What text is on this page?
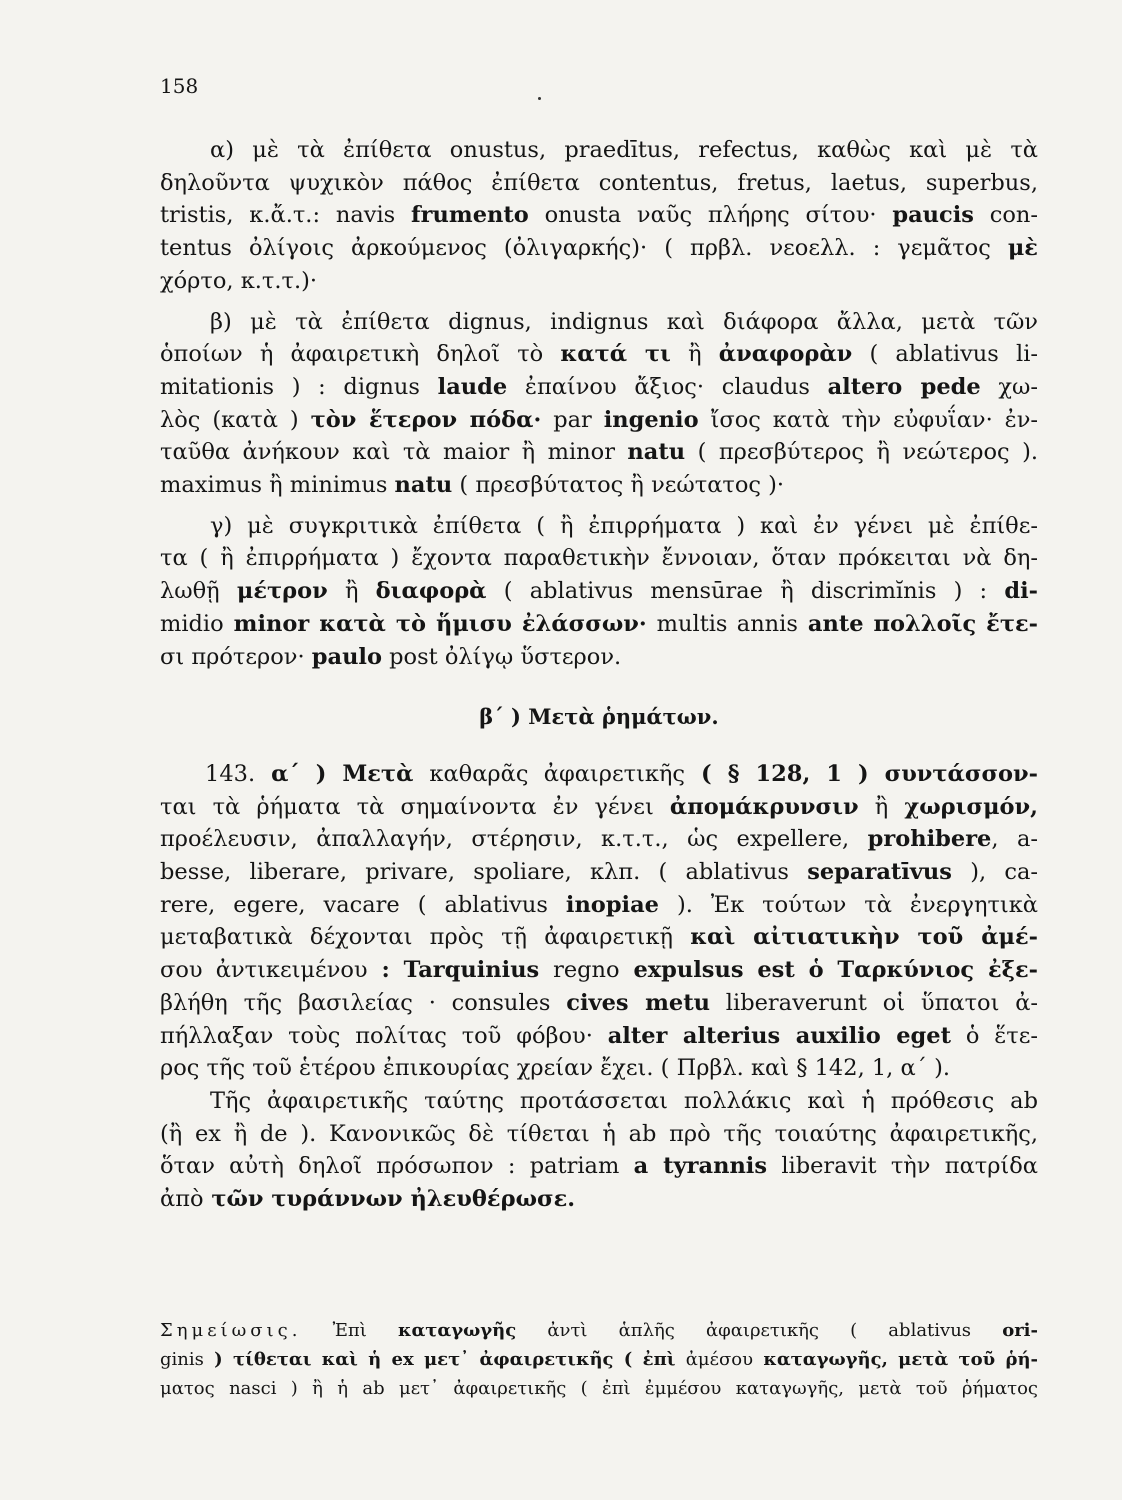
158
α) μὲ τὰ ἐπίθετα onustus, praedītus, refectus, καθὼς καὶ μὲ τὰ
δηλοῦντα ψυχικὸν πάθος ἐπίθετα contentus, fretus, laetus, superbus,
tristis, κ.ἄ.τ.: navis frumento onusta ναῦς πλήρης σίτου· paucis con-
tentus ὀλίγοις ἀρκούμενος (ὀλιγαρκής)· ( πρβλ. νεοελλ. : γεμᾶτος μὲ
χόρτο, κ.τ.τ.)·
β) μὲ τὰ ἐπίθετα dignus, indignus καὶ διάφορα ἄλλα, μετὰ τῶν
ὁποίων ἡ ἀφαιρετικὴ δηλοῖ τὸ κατά τι ἢ ἀναφορὰν ( ablativus li-
mitationis ) : dignus laude ἐπαίνου ἄξιος· claudus altero pede χω-
λὸς (κατὰ ) τὸν ἕτερον πόδα· par ingenio ἴσος κατὰ τὴν εὐφυΐαν· ἐν-
ταῦθα ἀνήκουν καὶ τὰ maior ἢ minor natu ( πρεσβύτερος ἢ νεώτερος ).
maximus ἢ minimus natu ( πρεσβύτατος ἢ νεώτατος )·
γ) μὲ συγκριτικὰ ἐπίθετα ( ἢ ἐπιρρήματα ) καὶ ἐν γένει μὲ ἐπίθε-
τα ( ἢ ἐπιρρήματα ) ἔχοντα παραθετικὴν ἔννοιαν, ὅταν πρόκειται νὰ δη-
λωθῇ μέτρον ἢ διαφορὰ ( ablativus mensūrae ἢ discrimĭnis ) : di-
midio minor κατὰ τὸ ἥμισυ ἐλάσσων· multis annis ante πολλοῖς ἔτε-
σι πρότερον· paulo post ὀλίγῳ ὕστερον.
β΄ ) Μετὰ ῥημάτων.
143. α΄ ) Μετὰ καθαρᾶς ἀφαιρετικῆς ( § 128, 1 ) συντάσσον-
ται τὰ ῥήματα τὰ σημαίνοντα ἐν γένει ἀπομάκρυνσιν ἢ χωρισμόν,
προέλευσιν, ἀπαλλαγήν, στέρησιν, κ.τ.τ., ὡς expellere, prohibere, a-
besse, liberare, privare, spoliare, κλπ. ( ablativus separatīvus ), ca-
rere, egere, vacare ( ablativus inopiae ). Ἐκ τούτων τὰ ἐνεργητικὰ
μεταβατικὰ δέχονται πρὸς τῇ ἀφαιρετικῇ καὶ αἰτιατικὴν τοῦ ἀμέ-
σου ἀντικειμένου : Tarquinius regno expulsus est ὁ Ταρκύνιος ἐξε-
βλήθη τῆς βασιλείας · consules cives metu liberaverunt οἱ ὕπατοι ἀ-
πήλλαξαν τοὺς πολίτας τοῦ φόβου· alter alterius auxilio eget ὁ ἕτε-
ρος τῆς τοῦ ἑτέρου ἐπικουρίας χρείαν ἔχει. ( Πρβλ. καὶ § 142, 1, α΄ ).
Τῆς ἀφαιρετικῆς ταύτης προτάσσεται πολλάκις καὶ ἡ πρόθεσις ab
(ἢ ex ἢ de ). Κανονικῶς δὲ τίθεται ἡ ab πρὸ τῆς τοιαύτης ἀφαιρετικῆς,
ὅταν αὐτὴ δηλοῖ πρόσωπον : patriam a tyrannis liberavit τὴν πατρίδα
ἀπὸ τῶν τυράννων ἠλευθέρωσε.
Σημείωσις. Ἐπὶ καταγωγῆς ἀντὶ ἁπλῆς ἀφαιρετικῆς ( ablativus ori-
ginis ) τίθεται καὶ ἡ ex μετ᾽ ἀφαιρετικῆς ( ἐπὶ ἀμέσου καταγωγῆς, μετὰ τοῦ ῥή-
ματος nasci ) ἢ ἡ ab μετ᾽ ἀφαιρετικῆς ( ἐπὶ ἐμμέσου καταγωγῆς, μετὰ τοῦ ῥήματος
